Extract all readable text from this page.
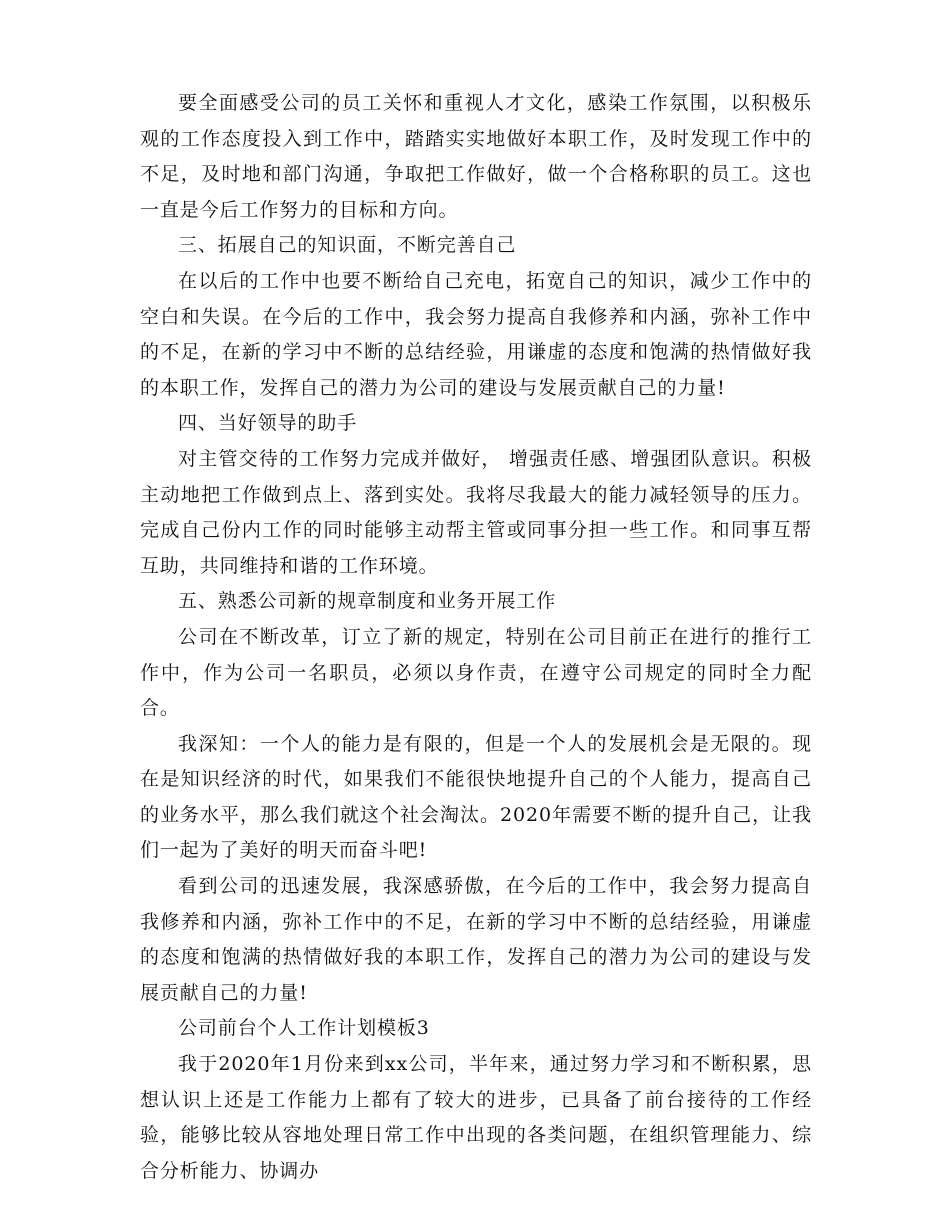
要全面感受公司的员工关怀和重视人才文化，感染工作氛围，以积极乐观的工作态度投入到工作中，踏踏实实地做好本职工作，及时发现工作中的不足，及时地和部门沟通，争取把工作做好，做一个合格称职的员工。这也一直是今后工作努力的目标和方向。

三、拓展自己的知识面，不断完善自己

在以后的工作中也要不断给自己充电，拓宽自己的知识，减少工作中的空白和失误。在今后的工作中，我会努力提高自我修养和内涵，弥补工作中的不足，在新的学习中不断的总结经验，用谦虚的态度和饱满的热情做好我的本职工作，发挥自己的潜力为公司的建设与发展贡献自己的力量!

四、当好领导的助手

对主管交待的工作努力完成并做好， 增强责任感、增强团队意识。积极主动地把工作做到点上、落到实处。我将尽我最大的能力减轻领导的压力。完成自己份内工作的同时能够主动帮主管或同事分担一些工作。和同事互帮互助，共同维持和谐的工作环境。

五、熟悉公司新的规章制度和业务开展工作

公司在不断改革，订立了新的规定，特别在公司目前正在进行的推行工作中，作为公司一名职员，必须以身作责，在遵守公司规定的同时全力配合。

我深知：一个人的能力是有限的，但是一个人的发展机会是无限的。现在是知识经济的时代，如果我们不能很快地提升自己的个人能力，提高自己的业务水平，那么我们就这个社会淘汰。2020年需要不断的提升自己，让我们一起为了美好的明天而奋斗吧!

看到公司的迅速发展，我深感骄傲，在今后的工作中，我会努力提高自我修养和内涵，弥补工作中的不足，在新的学习中不断的总结经验，用谦虚的态度和饱满的热情做好我的本职工作，发挥自己的潜力为公司的建设与发展贡献自己的力量!

公司前台个人工作计划模板3

我于2020年1月份来到xx公司，半年来，通过努力学习和不断积累，思想认识上还是工作能力上都有了较大的进步，已具备了前台接待的工作经验，能够比较从容地处理日常工作中出现的各类问题，在组织管理能力、综合分析能力、协调办
